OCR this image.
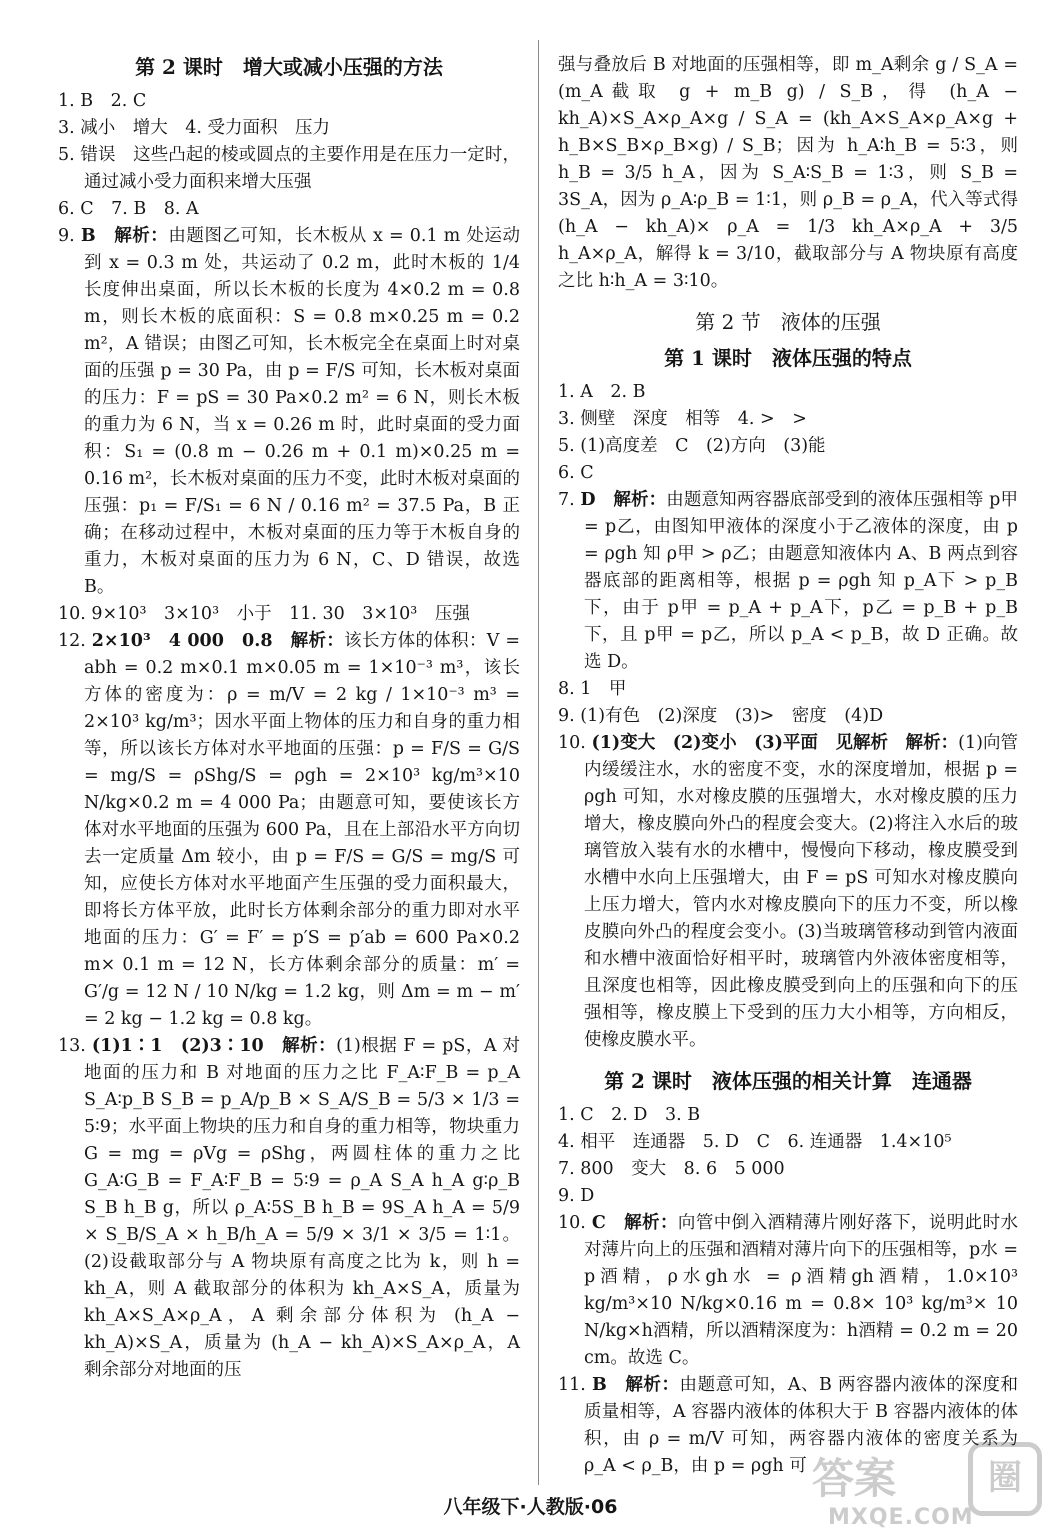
第 2 课时　增大或减小压强的方法

1. B　2. C

3. 减小　增大　4. 受力面积　压力

5. 错误　这些凸起的棱或圆点的主要作用是在压力一定时，通过减小受力面积来增大压强

6. C　7. B　8. A

9. B　解析：由题图乙可知，长木板从 x = 0.1 m 处运动到 x = 0.3 m 处，共运动了 0.2 m，此时木板的 1/4 长度伸出桌面，所以长木板的长度为 4×0.2 m = 0.8 m，则长木板的底面积：S = 0.8 m×0.25 m = 0.2 m²，A 错误；由图乙可知，长木板完全在桌面上时对桌面的压强 p = 30 Pa，由 p = F/S 可知，长木板对桌面的压力：F = pS = 30 Pa×0.2 m² = 6 N，则长木板的重力为 6 N，当 x = 0.26 m 时，此时桌面的受力面积：S₁ = (0.8 m − 0.26 m + 0.1 m)×0.25 m = 0.16 m²，长木板对桌面的压力不变，此时木板对桌面的压强：p₁ = F/S₁ = 6 N / 0.16 m² = 37.5 Pa，B 正确；在移动过程中，木板对桌面的压力等于木板自身的重力，木板对桌面的压力为 6 N，C、D 错误，故选 B。

10. 9×10³　3×10³　小于　11. 30　3×10³　压强

12. 2×10³　4 000　0.8　解析：该长方体的体积：V = abh = 0.2 m×0.1 m×0.05 m = 1×10⁻³ m³，该长方体的密度为：ρ = m/V = 2 kg / 1×10⁻³ m³ = 2×10³ kg/m³；因水平面上物体的压力和自身的重力相等，所以该长方体对水平地面的压强：p = F/S = G/S = mg/S = ρShg/S = ρgh = 2×10³ kg/m³×10 N/kg×0.2 m = 4 000 Pa；由题意可知，要使该长方体对水平地面的压强为 600 Pa，且在上部沿水平方向切去一定质量 Δm 较小，由 p = F/S = G/S = mg/S 可知，应使长方体对水平地面产生压强的受力面积最大，即将长方体平放，此时长方体剩余部分的重力即对水平地面的压力：G′ = F′ = p′S = p′ab = 600 Pa×0.2 m× 0.1 m = 12 N，长方体剩余部分的质量：m′ = G′/g = 12 N / 10 N/kg = 1.2 kg，则 Δm = m − m′ = 2 kg − 1.2 kg = 0.8 kg。

13. (1)1∶1　(2)3∶10　解析：(1)根据 F = pS，A 对地面的压力和 B 对地面的压力之比 F_A∶F_B = p_A S_A∶p_B S_B = p_A/p_B × S_A/S_B = 5/3 × 1/3 = 5∶9；水平面上物块的压力和自身的重力相等，物块重力 G = mg = ρVg = ρShg，两圆柱体的重力之比 G_A∶G_B = F_A∶F_B = 5∶9 = ρ_A S_A h_A g∶ρ_B S_B h_B g，所以 ρ_A∶5S_B h_B = 9S_A h_A = 5/9 × S_B/S_A × h_B/h_A = 5/9 × 3/1 × 3/5 = 1∶1。(2)设截取部分与 A 物块原有高度之比为 k，则 h = kh_A，则 A 截取部分的体积为 kh_A×S_A，质量为 kh_A×S_A×ρ_A，A 剩余部分体积为 (h_A − kh_A)×S_A，质量为 (h_A − kh_A)×S_A×ρ_A，A 剩余部分对地面的压

强与叠放后 B 对地面的压强相等，即 m_A剩余 g / S_A = (m_A截取 g + m_B g) / S_B，得 (h_A − kh_A)×S_A×ρ_A×g / S_A = (kh_A×S_A×ρ_A×g + h_B×S_B×ρ_B×g) / S_B；因为 h_A∶h_B = 5∶3，则 h_B = 3/5 h_A，因为 S_A∶S_B = 1∶3，则 S_B = 3S_A，因为 ρ_A∶ρ_B = 1∶1，则 ρ_B = ρ_A，代入等式得 (h_A − kh_A)× ρ_A = 1/3 kh_A×ρ_A + 3/5 h_A×ρ_A，解得 k = 3/10，截取部分与 A 物块原有高度之比 h∶h_A = 3∶10。

第 2 节　液体的压强
第 1 课时　液体压强的特点

1. A　2. B

3. 侧壁　深度　相等　4. >　>

5. (1)高度差　C　(2)方向　(3)能

6. C

7. D　解析：由题意知两容器底部受到的液体压强相等 p甲 = p乙，由图知甲液体的深度小于乙液体的深度，由 p = ρgh 知 ρ甲 > ρ乙；由题意知液体内 A、B 两点到容器底部的距离相等，根据 p = ρgh 知 p_A下 > p_B下，由于 p甲 = p_A + p_A下，p乙 = p_B + p_B下，且 p甲 = p乙，所以 p_A < p_B，故 D 正确。故选 D。

8. 1　甲

9. (1)有色　(2)深度　(3)>　密度　(4)D

10. (1)变大　(2)变小　(3)平面　见解析　解析：(1)向管内缓缓注水，水的密度不变，水的深度增加，根据 p = ρgh 可知，水对橡皮膜的压强增大，水对橡皮膜的压力增大，橡皮膜向外凸的程度会变大。(2)将注入水后的玻璃管放入装有水的水槽中，慢慢向下移动，橡皮膜受到水槽中水向上压强增大，由 F = pS 可知水对橡皮膜向上压力增大，管内水对橡皮膜向下的压力不变，所以橡皮膜向外凸的程度会变小。(3)当玻璃管移动到管内液面和水槽中液面恰好相平时，玻璃管内外液体密度相等，且深度也相等，因此橡皮膜受到向上的压强和向下的压强相等，橡皮膜上下受到的压力大小相等，方向相反，使橡皮膜水平。

第 2 课时　液体压强的相关计算　连通器

1. C　2. D　3. B

4. 相平　连通器　5. D　C　6. 连通器　1.4×10⁵

7. 800　变大　8. 6　5 000

9. D

10. C　解析：向管中倒入酒精薄片刚好落下，说明此时水对薄片向上的压强和酒精对薄片向下的压强相等，p水 = p酒精，ρ水gh水 = ρ酒精gh酒精，1.0×10³ kg/m³×10 N/kg×0.16 m = 0.8× 10³ kg/m³× 10 N/kg×h酒精，所以酒精深度为：h酒精 = 0.2 m = 20 cm。故选 C。

11. B　解析：由题意可知，A、B 两容器内液体的深度和质量相等，A 容器内液体的体积大于 B 容器内液体的体积，由 ρ = m/V 可知，两容器内液体的密度关系为 ρ_A < ρ_B，由 p = ρgh 可

八年级下·人教版·06
答案	圈
MXQE.COM
